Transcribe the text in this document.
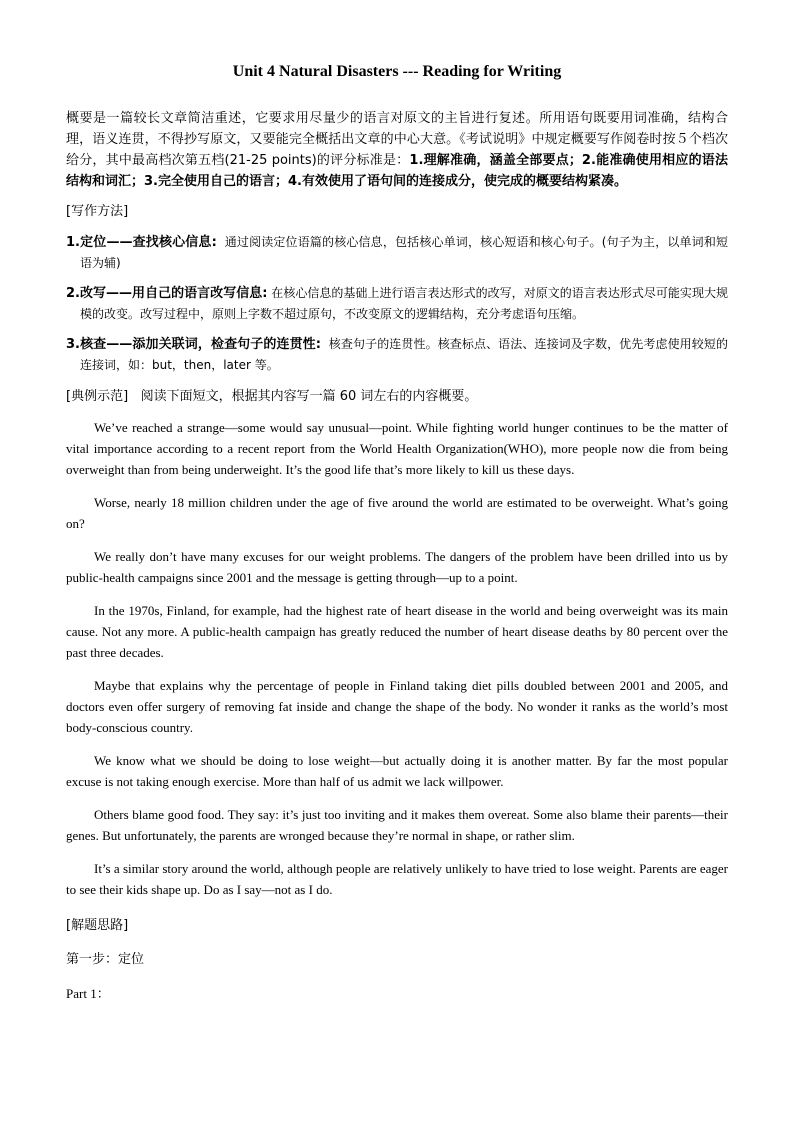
Unit 4 Natural Disasters --- Reading for Writing

概要是一篇较长文章简洁重述，它要求用尽量少的语言对原文的主旨进行复述。所用语句既要用词准确，结构合理，语义连贯，不得抄写原文，又要能完全概括出文章的中心大意。《考试说明》中规定概要写作阅卷时按５个档次给分，其中最高档次第五档(21-25 points)的评分标准是：1.理解准确，涵盖全部要点；2.能准确使用相应的语法结构和词汇；3.完全使用自己的语言；4.有效使用了语句间的连接成分，使完成的概要结构紧凑。

[写作方法]

1.定位——查找核心信息: 通过阅读定位语篇的核心信息，包括核心单词，核心短语和核心句子。(句子为主，以单词和短语为辅)

2.改写——用自己的语言改写信息: 在核心信息的基础上进行语言表达形式的改写，对原文的语言表达形式尽可能实现大规模的改变。改写过程中，原则上字数不超过原句，不改变原文的逻辑结构，充分考虑语句压缩。

3.核查——添加关联词，检查句子的连贯性: 核查句子的连贯性。核查标点、语法、连接词及字数，优先考虑使用较短的连接词，如：but，then，later 等。

[典例示范] 阅读下面短文，根据其内容写一篇 60 词左右的内容概要。

We’ve reached a strange—some would say unusual—point. While fighting world hunger continues to be the matter of vital importance according to a recent report from the World Health Organization(WHO), more people now die from being overweight than from being underweight. It’s the good life that’s more likely to kill us these days.

Worse, nearly 18 million children under the age of five around the world are estimated to be overweight. What’s going on?

We really don’t have many excuses for our weight problems. The dangers of the problem have been drilled into us by public-health campaigns since 2001 and the message is getting through—up to a point.

In the 1970s, Finland, for example, had the highest rate of heart disease in the world and being overweight was its main cause. Not any more. A public-health campaign has greatly reduced the number of heart disease deaths by 80 percent over the past three decades.

Maybe that explains why the percentage of people in Finland taking diet pills doubled between 2001 and 2005, and doctors even offer surgery of removing fat inside and change the shape of the body. No wonder it ranks as the world’s most body-conscious country.

We know what we should be doing to lose weight—but actually doing it is another matter. By far the most popular excuse is not taking enough exercise. More than half of us admit we lack willpower.

Others blame good food. They say: it’s just too inviting and it makes them overeat. Some also blame their parents—their genes. But unfortunately, the parents are wronged because they’re normal in shape, or rather slim.

It’s a similar story around the world, although people are relatively unlikely to have tried to lose weight. Parents are eager to see their kids shape up. Do as I say—not as I do.

[解题思路]
第一步：定位
Part 1：
